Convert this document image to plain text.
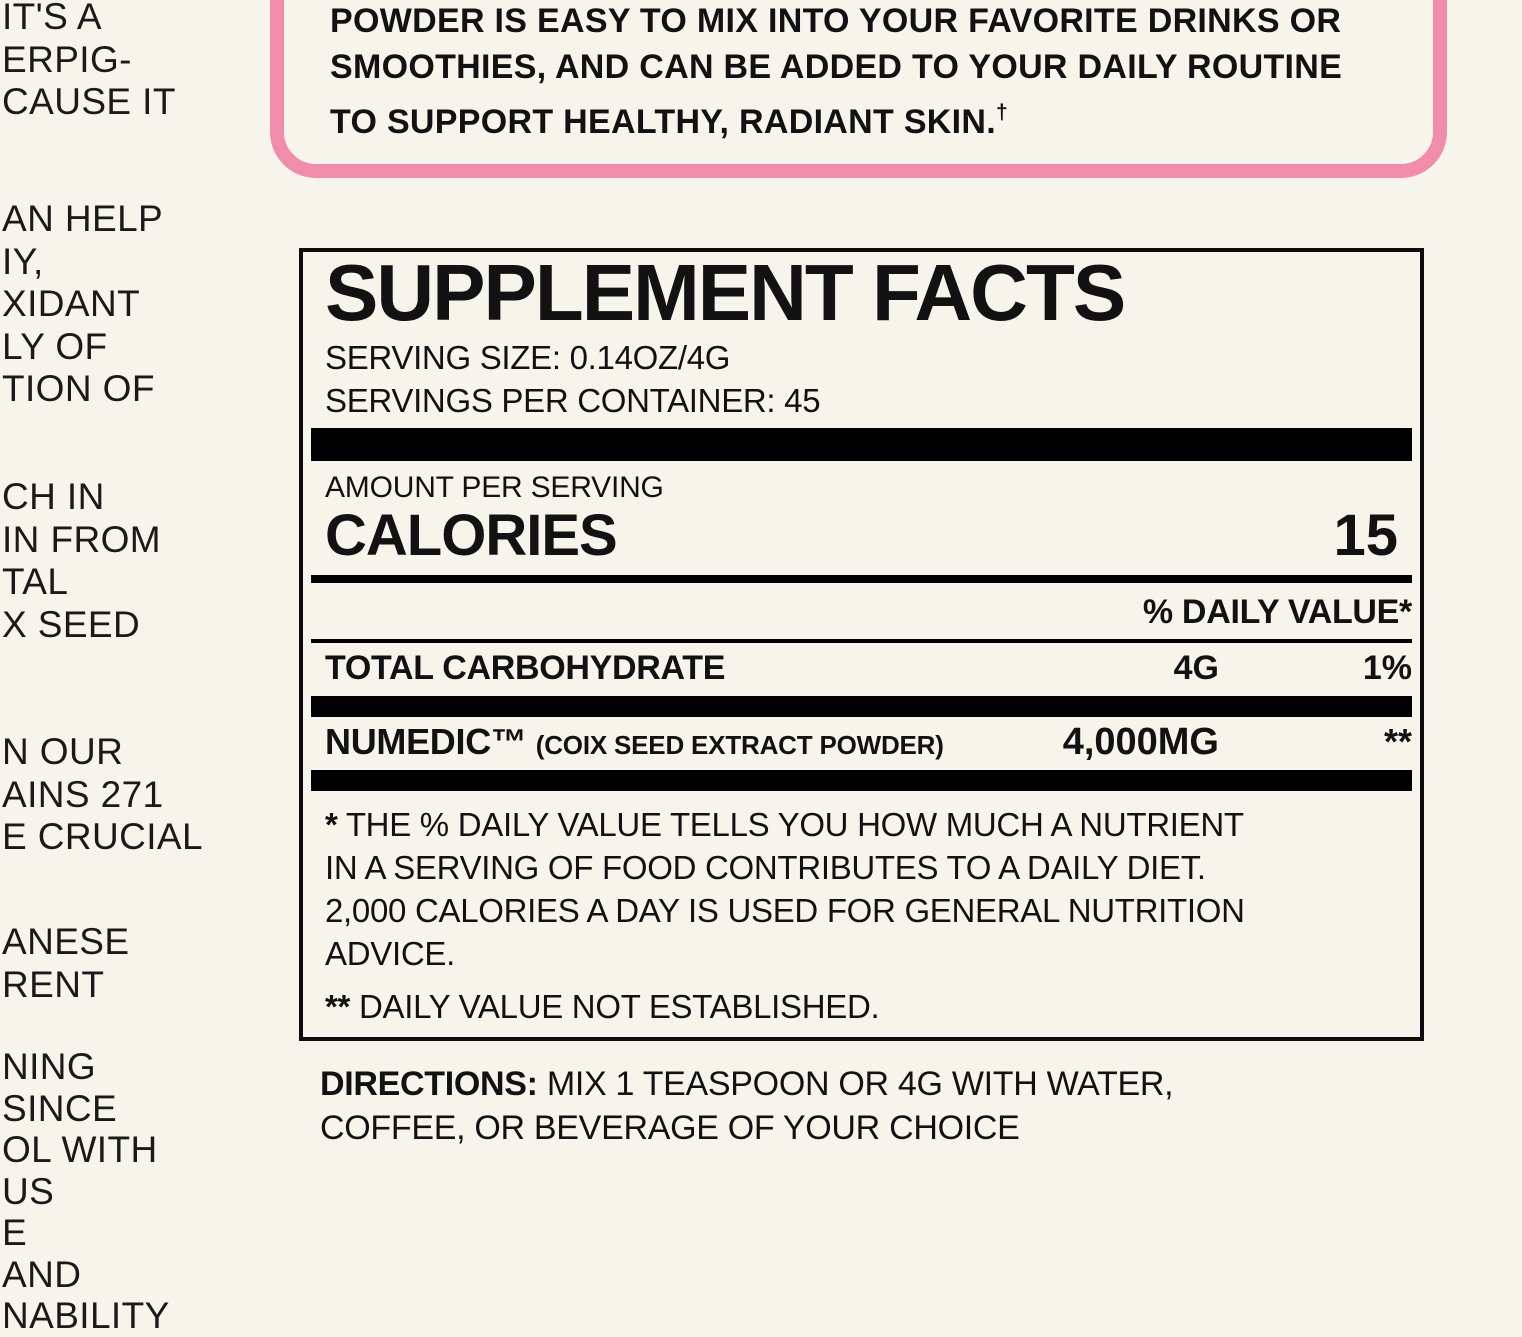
IT'S A
ERPIG-
CAUSE IT
AN HELP
IY,
XIDANT
LY OF
TION OF
CH IN
IN FROM
TAL
X SEED
N OUR
AINS 271
E CRUCIAL
ANESE
RENT
NING
SINCE
OL WITH
US
E
AND
NABILITY

POWDER IS EASY TO MIX INTO YOUR FAVORITE DRINKS OR

SMOOTHIES, AND CAN BE ADDED TO YOUR DAILY ROUTINE

TO SUPPORT HEALTHY, RADIANT SKIN.†

SUPPLEMENT FACTS
SERVING SIZE: 0.14OZ/4G
SERVINGS PER CONTAINER: 45
AMOUNT PER SERVING
CALORIES	15
% DAILY VALUE*
TOTAL CARBOHYDRATE	4G	1%
NUMEDIC™ (COIX SEED EXTRACT POWDER)	4,000MG	**
* THE % DAILY VALUE TELLS YOU HOW MUCH A NUTRIENT
IN A SERVING OF FOOD CONTRIBUTES TO A DAILY DIET.
2,000 CALORIES A DAY IS USED FOR GENERAL NUTRITION
ADVICE.
** DAILY VALUE NOT ESTABLISHED.

DIRECTIONS: MIX 1 TEASPOON OR 4G WITH WATER,
COFFEE, OR BEVERAGE OF YOUR CHOICE
